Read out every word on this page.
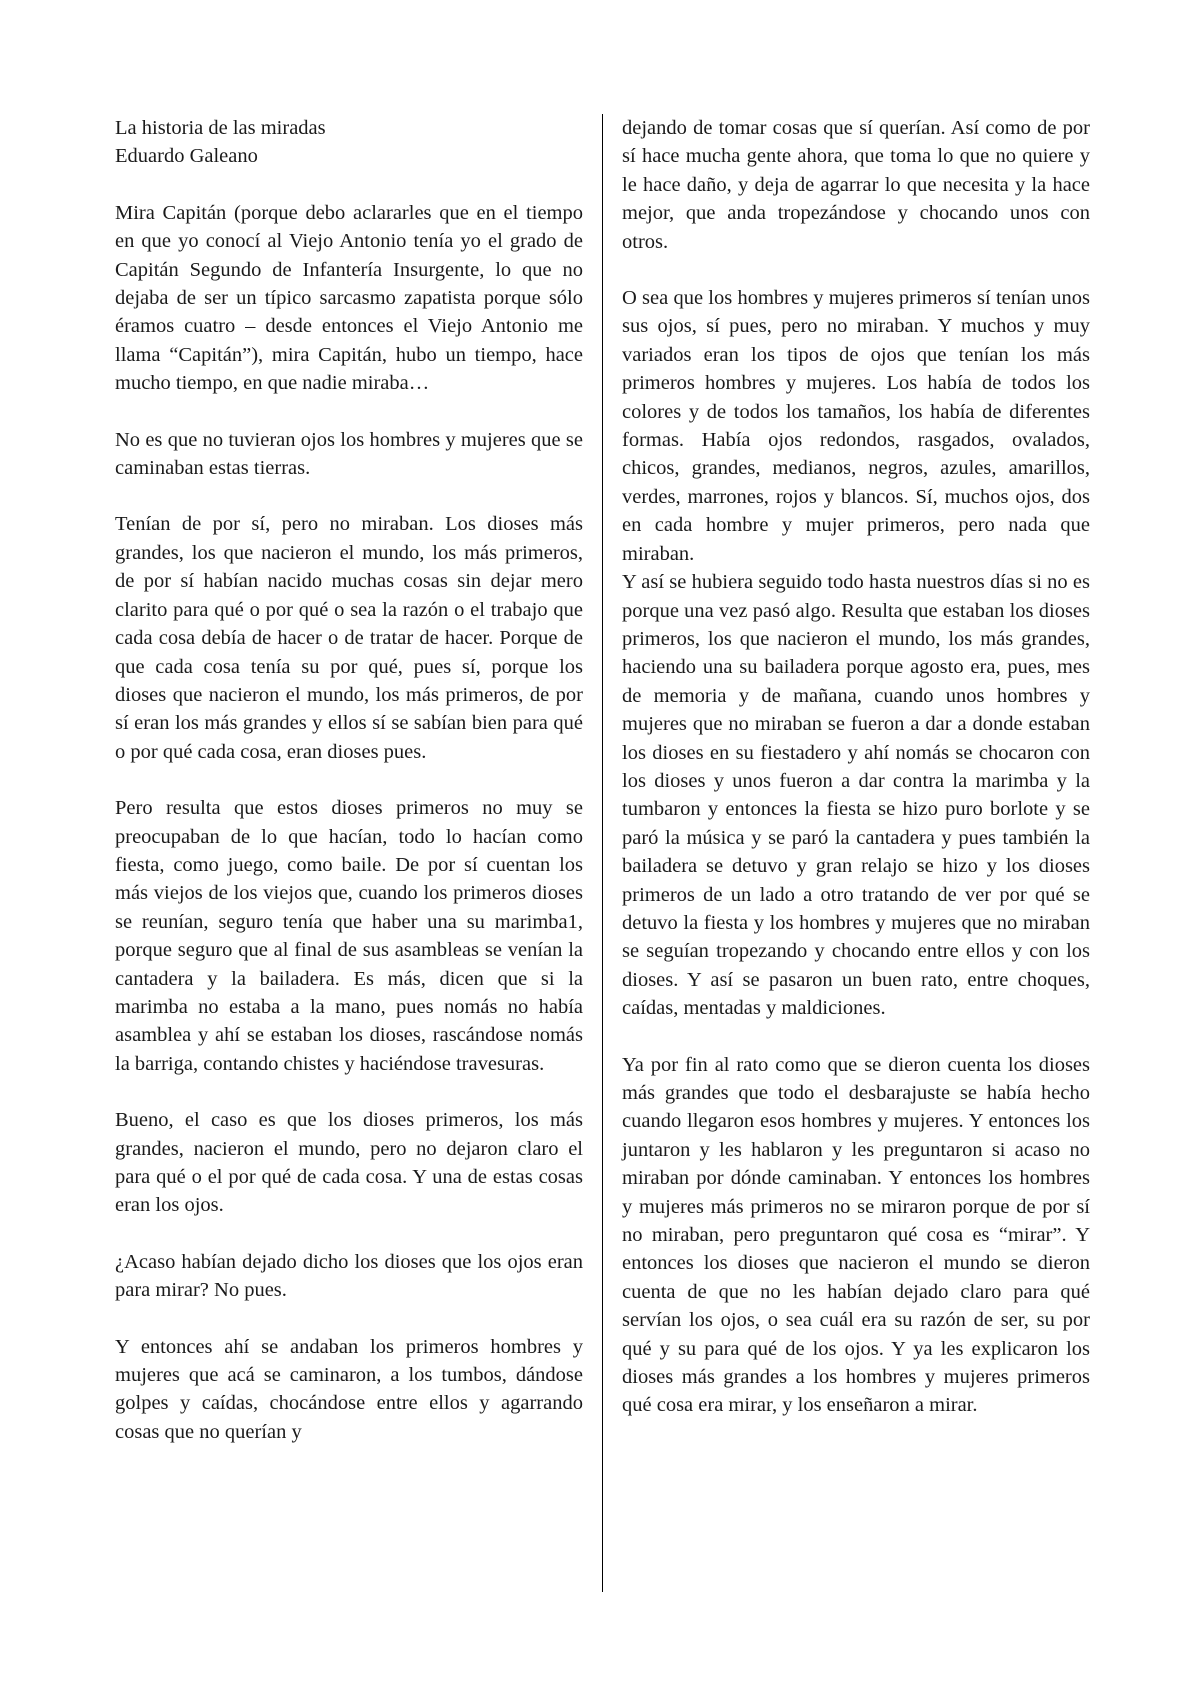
La historia de las miradas
Eduardo Galeano

Mira Capitán (porque debo aclararles que en el tiempo en que yo conocí al Viejo Antonio tenía yo el grado de Capitán Segundo de Infantería Insurgente, lo que no dejaba de ser un típico sarcasmo zapatista porque sólo éramos cuatro – desde entonces el Viejo Antonio me llama “Capitán”), mira Capitán, hubo un tiempo, hace mucho tiempo, en que nadie miraba…

No es que no tuvieran ojos los hombres y mujeres que se caminaban estas tierras.

Tenían de por sí, pero no miraban. Los dioses más grandes, los que nacieron el mundo, los más primeros, de por sí habían nacido muchas cosas sin dejar mero clarito para qué o por qué o sea la razón o el trabajo que cada cosa debía de hacer o de tratar de hacer. Porque de que cada cosa tenía su por qué, pues sí, porque los dioses que nacieron el mundo, los más primeros, de por sí eran los más grandes y ellos sí se sabían bien para qué o por qué cada cosa, eran dioses pues.

Pero resulta que estos dioses primeros no muy se preocupaban de lo que hacían, todo lo hacían como fiesta, como juego, como baile. De por sí cuentan los más viejos de los viejos que, cuando los primeros dioses se reunían, seguro tenía que haber una su marimba1, porque seguro que al final de sus asambleas se venían la cantadera y la bailadera. Es más, dicen que si la marimba no estaba a la mano, pues nomás no había asamblea y ahí se estaban los dioses, rascándose nomás la barriga, contando chistes y haciéndose travesuras.

Bueno, el caso es que los dioses primeros, los más grandes, nacieron el mundo, pero no dejaron claro el para qué o el por qué de cada cosa. Y una de estas cosas eran los ojos.

¿Acaso habían dejado dicho los dioses que los ojos eran para mirar? No pues.

Y entonces ahí se andaban los primeros hombres y mujeres que acá se caminaron, a los tumbos, dándose golpes y caídas, chocándose entre ellos y agarrando cosas que no querían y

dejando de tomar cosas que sí querían. Así como de por sí hace mucha gente ahora, que toma lo que no quiere y le hace daño, y deja de agarrar lo que necesita y la hace mejor, que anda tropezándose y chocando unos con otros.

O sea que los hombres y mujeres primeros sí tenían unos sus ojos, sí pues, pero no miraban. Y muchos y muy variados eran los tipos de ojos que tenían los más primeros hombres y mujeres. Los había de todos los colores y de todos los tamaños, los había de diferentes formas. Había ojos redondos, rasgados, ovalados, chicos, grandes, medianos, negros, azules, amarillos, verdes, marrones, rojos y blancos. Sí, muchos ojos, dos en cada hombre y mujer primeros, pero nada que miraban.

Y así se hubiera seguido todo hasta nuestros días si no es porque una vez pasó algo. Resulta que estaban los dioses primeros, los que nacieron el mundo, los más grandes, haciendo una su bailadera porque agosto era, pues, mes de memoria y de mañana, cuando unos hombres y mujeres que no miraban se fueron a dar a donde estaban los dioses en su fiestadero y ahí nomás se chocaron con los dioses y unos fueron a dar contra la marimba y la tumbaron y entonces la fiesta se hizo puro borlote y se paró la música y se paró la cantadera y pues también la bailadera se detuvo y gran relajo se hizo y los dioses primeros de un lado a otro tratando de ver por qué se detuvo la fiesta y los hombres y mujeres que no miraban se seguían tropezando y chocando entre ellos y con los dioses. Y así se pasaron un buen rato, entre choques, caídas, mentadas y maldiciones.

Ya por fin al rato como que se dieron cuenta los dioses más grandes que todo el desbarajuste se había hecho cuando llegaron esos hombres y mujeres. Y entonces los juntaron y les hablaron y les preguntaron si acaso no miraban por dónde caminaban. Y entonces los hombres y mujeres más primeros no se miraron porque de por sí no miraban, pero preguntaron qué cosa es “mirar”. Y entonces los dioses que nacieron el mundo se dieron cuenta de que no les habían dejado claro para qué servían los ojos, o sea cuál era su razón de ser, su por qué y su para qué de los ojos. Y ya les explicaron los dioses más grandes a los hombres y mujeres primeros qué cosa era mirar, y los enseñaron a mirar.
